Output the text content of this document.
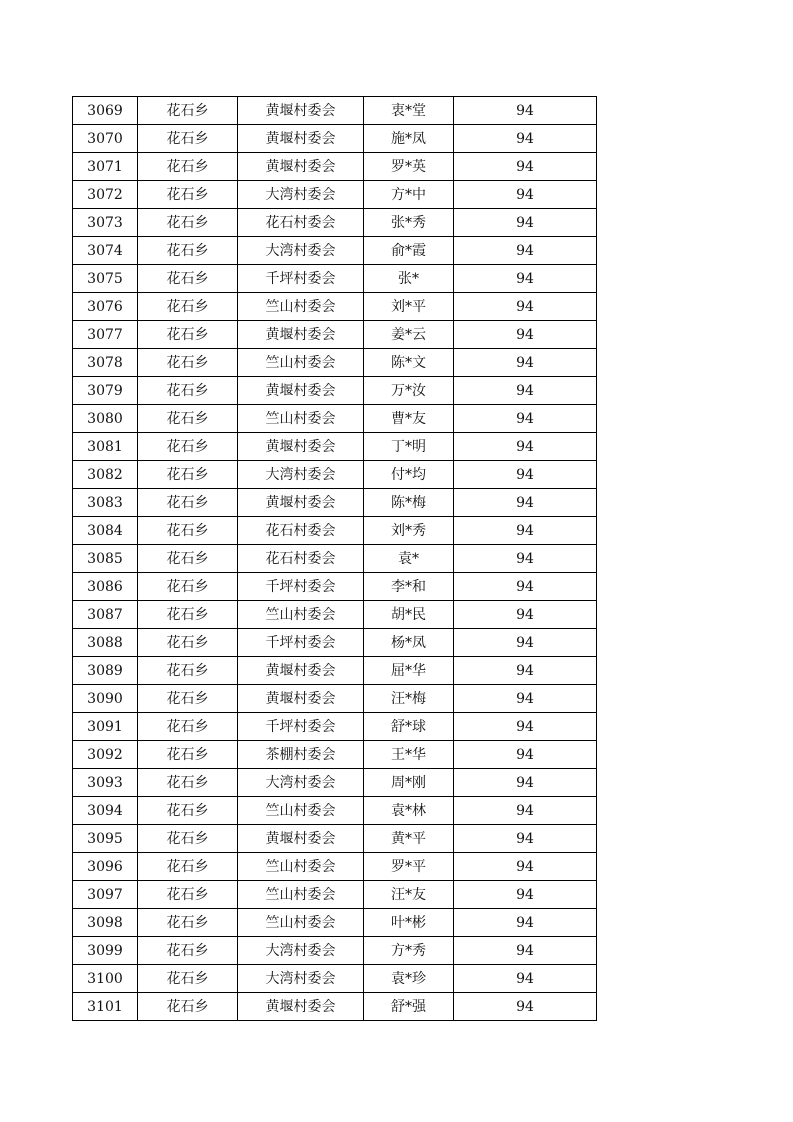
3069	花石乡	黄堰村委会	衷*堂	94
3070	花石乡	黄堰村委会	施*凤	94
3071	花石乡	黄堰村委会	罗*英	94
3072	花石乡	大湾村委会	方*中	94
3073	花石乡	花石村委会	张*秀	94
3074	花石乡	大湾村委会	俞*霞	94
3075	花石乡	千坪村委会	张*	94
3076	花石乡	竺山村委会	刘*平	94
3077	花石乡	黄堰村委会	姜*云	94
3078	花石乡	竺山村委会	陈*文	94
3079	花石乡	黄堰村委会	万*汝	94
3080	花石乡	竺山村委会	曹*友	94
3081	花石乡	黄堰村委会	丁*明	94
3082	花石乡	大湾村委会	付*均	94
3083	花石乡	黄堰村委会	陈*梅	94
3084	花石乡	花石村委会	刘*秀	94
3085	花石乡	花石村委会	袁*	94
3086	花石乡	千坪村委会	李*和	94
3087	花石乡	竺山村委会	胡*民	94
3088	花石乡	千坪村委会	杨*凤	94
3089	花石乡	黄堰村委会	屈*华	94
3090	花石乡	黄堰村委会	汪*梅	94
3091	花石乡	千坪村委会	舒*球	94
3092	花石乡	茶棚村委会	王*华	94
3093	花石乡	大湾村委会	周*刚	94
3094	花石乡	竺山村委会	袁*林	94
3095	花石乡	黄堰村委会	黄*平	94
3096	花石乡	竺山村委会	罗*平	94
3097	花石乡	竺山村委会	汪*友	94
3098	花石乡	竺山村委会	叶*彬	94
3099	花石乡	大湾村委会	方*秀	94
3100	花石乡	大湾村委会	袁*珍	94
3101	花石乡	黄堰村委会	舒*强	94
